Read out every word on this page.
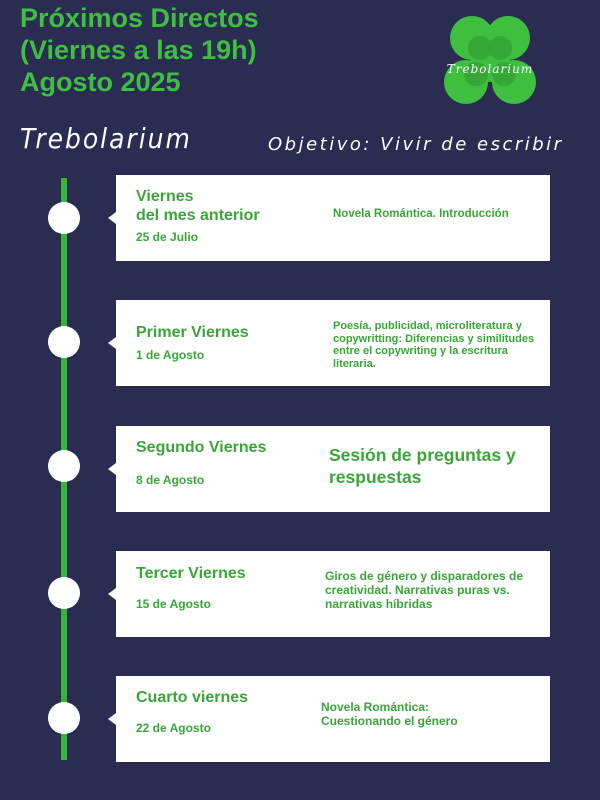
Próximos Directos
(Viernes a las 19h)
Agosto 2025	Trebolarium
Trebolarium	Objetivo: Vivir de escribir
Viernes
del mes anterior
25 de Julio
Novela Romántica. Introducción
Primer Viernes
1 de Agosto
Poesía, publicidad, microliteratura y copywritting: Diferencias y similitudes entre el copywriting y la escritura literaria.
Segundo Viernes
8 de Agosto
Sesión de preguntas y respuestas
Tercer Viernes
15 de Agosto
Giros de género y disparadores de creatividad. Narrativas puras vs. narrativas híbridas
Cuarto viernes
22 de Agosto
Novela Romántica: Cuestionando el género
